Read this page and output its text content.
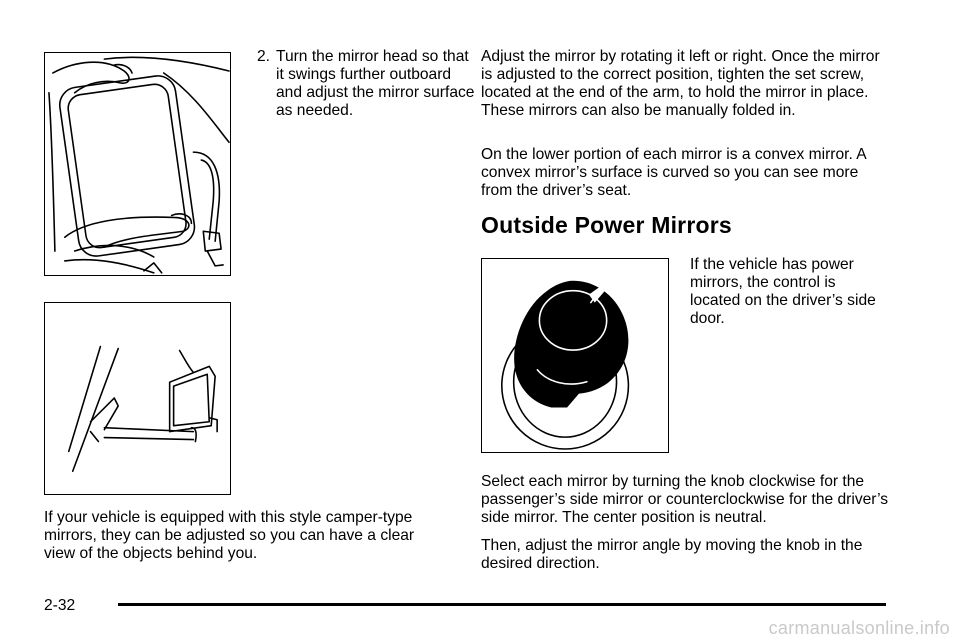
2. Turn the mirror head so that it swings further outboard and adjust the mirror surface as needed.

If your vehicle is equipped with this style camper-type mirrors, they can be adjusted so you can have a clear view of the objects behind you.

Adjust the mirror by rotating it left or right. Once the mirror is adjusted to the correct position, tighten the set screw, located at the end of the arm, to hold the mirror in place. These mirrors can also be manually folded in.

On the lower portion of each mirror is a convex mirror. A convex mirror’s surface is curved so you can see more from the driver’s seat.

Outside Power Mirrors

If the vehicle has power mirrors, the control is located on the driver’s side door.

Select each mirror by turning the knob clockwise for the passenger’s side mirror or counterclockwise for the driver’s side mirror. The center position is neutral.

Then, adjust the mirror angle by moving the knob in the desired direction.

2-32
carmanualsonline.info
